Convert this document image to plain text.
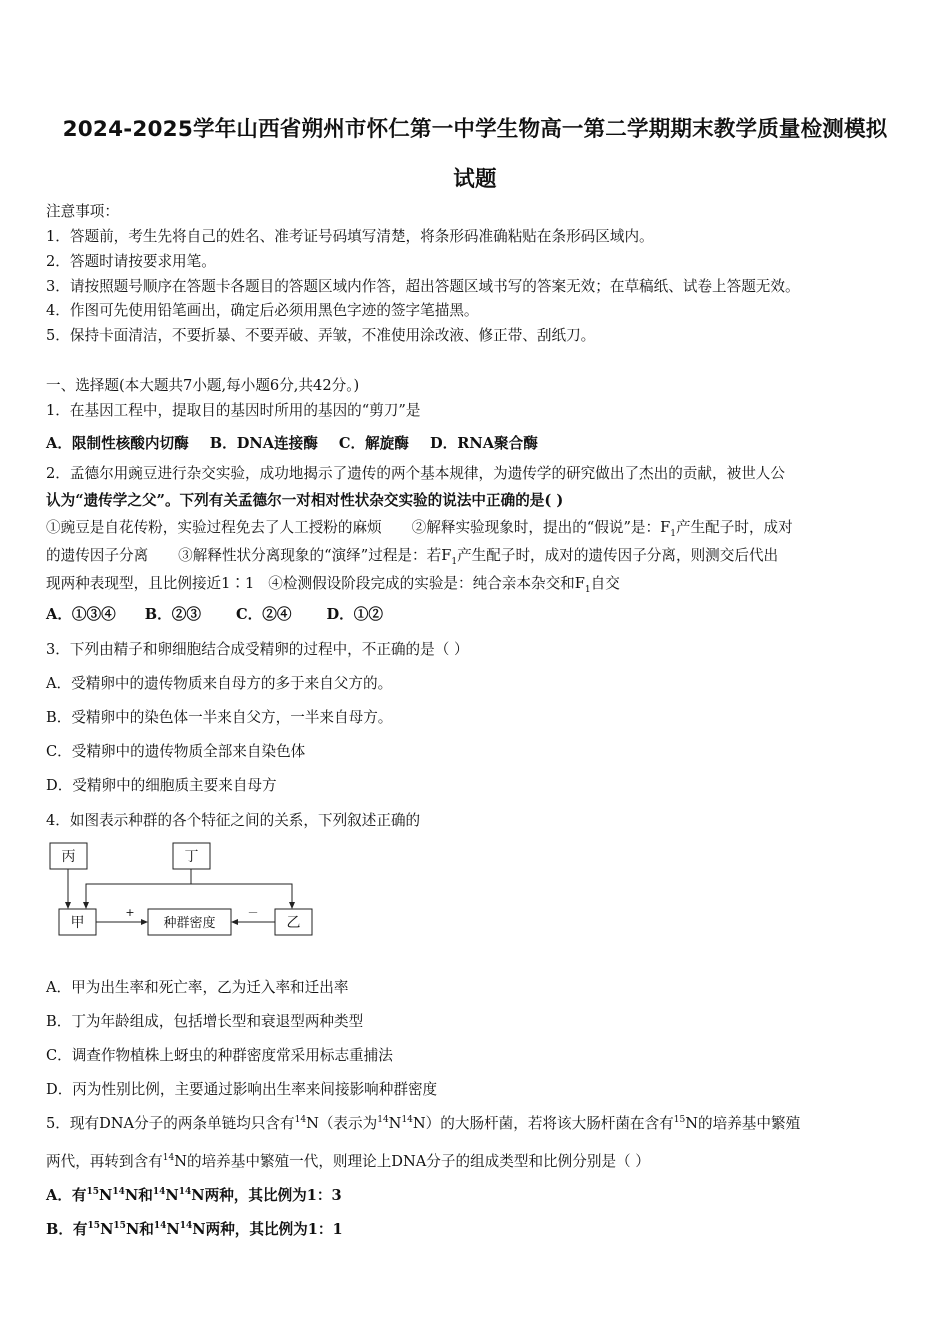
2024-2025学年山西省朔州市怀仁第一中学生物高一第二学期期末教学质量检测模拟
试题
注意事项：
1．答题前，考生先将自己的姓名、准考证号码填写清楚，将条形码准确粘贴在条形码区域内。
2．答题时请按要求用笔。
3．请按照题号顺序在答题卡各题目的答题区域内作答，超出答题区域书写的答案无效；在草稿纸、试卷上答题无效。
4．作图可先使用铅笔画出，确定后必须用黑色字迹的签字笔描黑。
5．保持卡面清洁，不要折暴、不要弄破、弄皱，不准使用涂改液、修正带、刮纸刀。
一、选择题(本大题共7小题,每小题6分,共42分。)
1．在基因工程中，提取目的基因时所用的基因的“剪刀”是
A．限制性核酸内切酶 B．DNA连接酶 C．解旋酶 D．RNA聚合酶
2．孟德尔用豌豆进行杂交实验，成功地揭示了遗传的两个基本规律，为遗传学的研究做出了杰出的贡献，被世人公
认为“遗传学之父”。下列有关孟德尔一对相对性状杂交实验的说法中正确的是( )
①豌豆是自花传粉，实验过程免去了人工授粉的麻烦 ②解释实验现象时，提出的“假说”是：$F_1$产生配子时，成对
的遗传因子分离 ③解释性状分离现象的“演绎”过程是：若$F_1$产生配子时，成对的遗传因子分离，则测交后代出
现两种表现型，且比例接近1∶1 ④检测假设阶段完成的实验是：纯合亲本杂交和$F_1$自交
A．①③④ B．②③ C．②④ D．①②
3．下列由精子和卵细胞结合成受精卵的过程中，不正确的是（ ）
A．受精卵中的遗传物质来自母方的多于来自父方的。
B．受精卵中的染色体一半来自父方，一半来自母方。
C．受精卵中的遗传物质全部来自染色体
D．受精卵中的细胞质主要来自母方
4．如图表示种群的各个特征之间的关系，下列叙述正确的
丙	丁
甲	种群密度	乙
+	－
A．甲为出生率和死亡率，乙为迁入率和迁出率
B．丁为年龄组成，包括增长型和衰退型两种类型
C．调查作物植株上蚜虫的种群密度常采用标志重捕法
D．丙为性别比例，主要通过影响出生率来间接影响种群密度
5．现有DNA分子的两条单链均只含有$^{14}$N（表示为$^{14}N^{14}N$）的大肠杆菌，若将该大肠杆菌在含有$^{15}$N的培养基中繁殖
两代，再转到含有$^{14}$N的培养基中繁殖一代，则理论上DNA分子的组成类型和比例分别是（ ）
A．有$^{15}N^{14}N$和$^{14}N^{14}N$两种，其比例为1：3
B．有$^{15}N^{15}N$和$^{14}N^{14}N$两种，其比例为1：1
